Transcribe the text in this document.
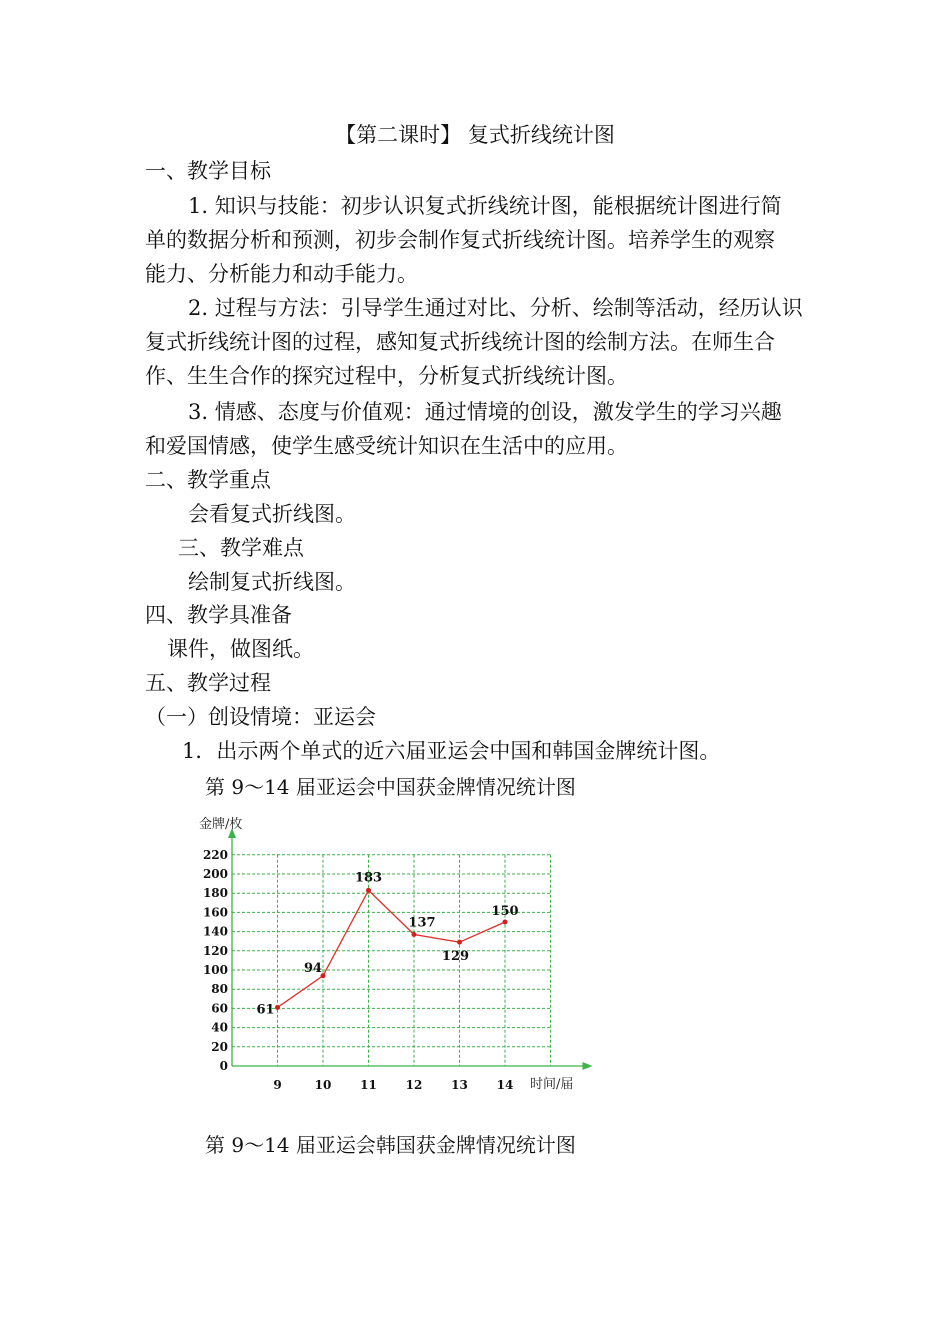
【第二课时】 复式折线统计图
一、教学目标
1. 知识与技能：初步认识复式折线统计图，能根据统计图进行简
单的数据分析和预测，初步会制作复式折线统计图。培养学生的观察
能力、分析能力和动手能力。
2. 过程与方法：引导学生通过对比、分析、绘制等活动，经历认识
复式折线统计图的过程，感知复式折线统计图的绘制方法。在师生合
作、生生合作的探究过程中，分析复式折线统计图。
3. 情感、态度与价值观：通过情境的创设，激发学生的学习兴趣
和爱国情感，使学生感受统计知识在生活中的应用。
二、教学重点
会看复式折线图。
三、教学难点
绘制复式折线图。
四、教学具准备
课件，做图纸。
五、教学过程
（一）创设情境：亚运会
1．出示两个单式的近六届亚运会中国和韩国金牌统计图。
第 9～14 届亚运会中国获金牌情况统计图
0
20
40
60
80
100
120
140
160
180
200
220
9	10 11 12 13 14
61
94
183
137
129
150
金牌/枚
时间/届
第 9～14 届亚运会韩国获金牌情况统计图
